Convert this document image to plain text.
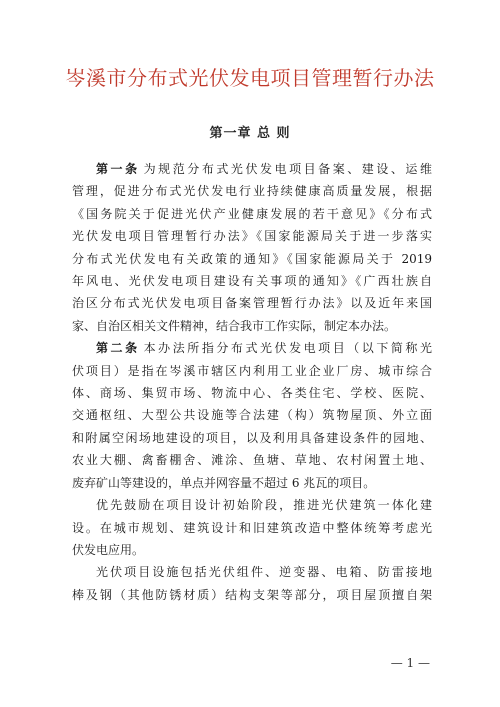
岑溪市分布式光伏发电项目管理暂行办法
第一章 总 则
第一条 为规范分布式光伏发电项目备案、建设、运维
管理，促进分布式光伏发电行业持续健康高质量发展，根据
《国务院关于促进光伏产业健康发展的若干意见》《分布式
光伏发电项目管理暂行办法》《国家能源局关于进一步落实
分布式光伏发电有关政策的通知》《国家能源局关于 2019
年风电、光伏发电项目建设有关事项的通知》《广西壮族自
治区分布式光伏发电项目备案管理暂行办法》以及近年来国
家、自治区相关文件精神，结合我市工作实际，制定本办法。
第二条 本办法所指分布式光伏发电项目（以下简称光
伏项目）是指在岑溪市辖区内利用工业企业厂房、城市综合
体、商场、集贸市场、物流中心、各类住宅、学校、医院、
交通枢纽、大型公共设施等合法建（构）筑物屋顶、外立面
和附属空闲场地建设的项目，以及利用具备建设条件的园地、
农业大棚、禽畜棚舍、滩涂、鱼塘、草地、农村闲置土地、
废弃矿山等建设的，单点并网容量不超过 6 兆瓦的项目。
优先鼓励在项目设计初始阶段，推进光伏建筑一体化建
设。在城市规划、建筑设计和旧建筑改造中整体统筹考虑光
伏发电应用。
光伏项目设施包括光伏组件、逆变器、电箱、防雷接地
棒及钢（其他防锈材质）结构支架等部分，项目屋顶擅自架
— 1 —
